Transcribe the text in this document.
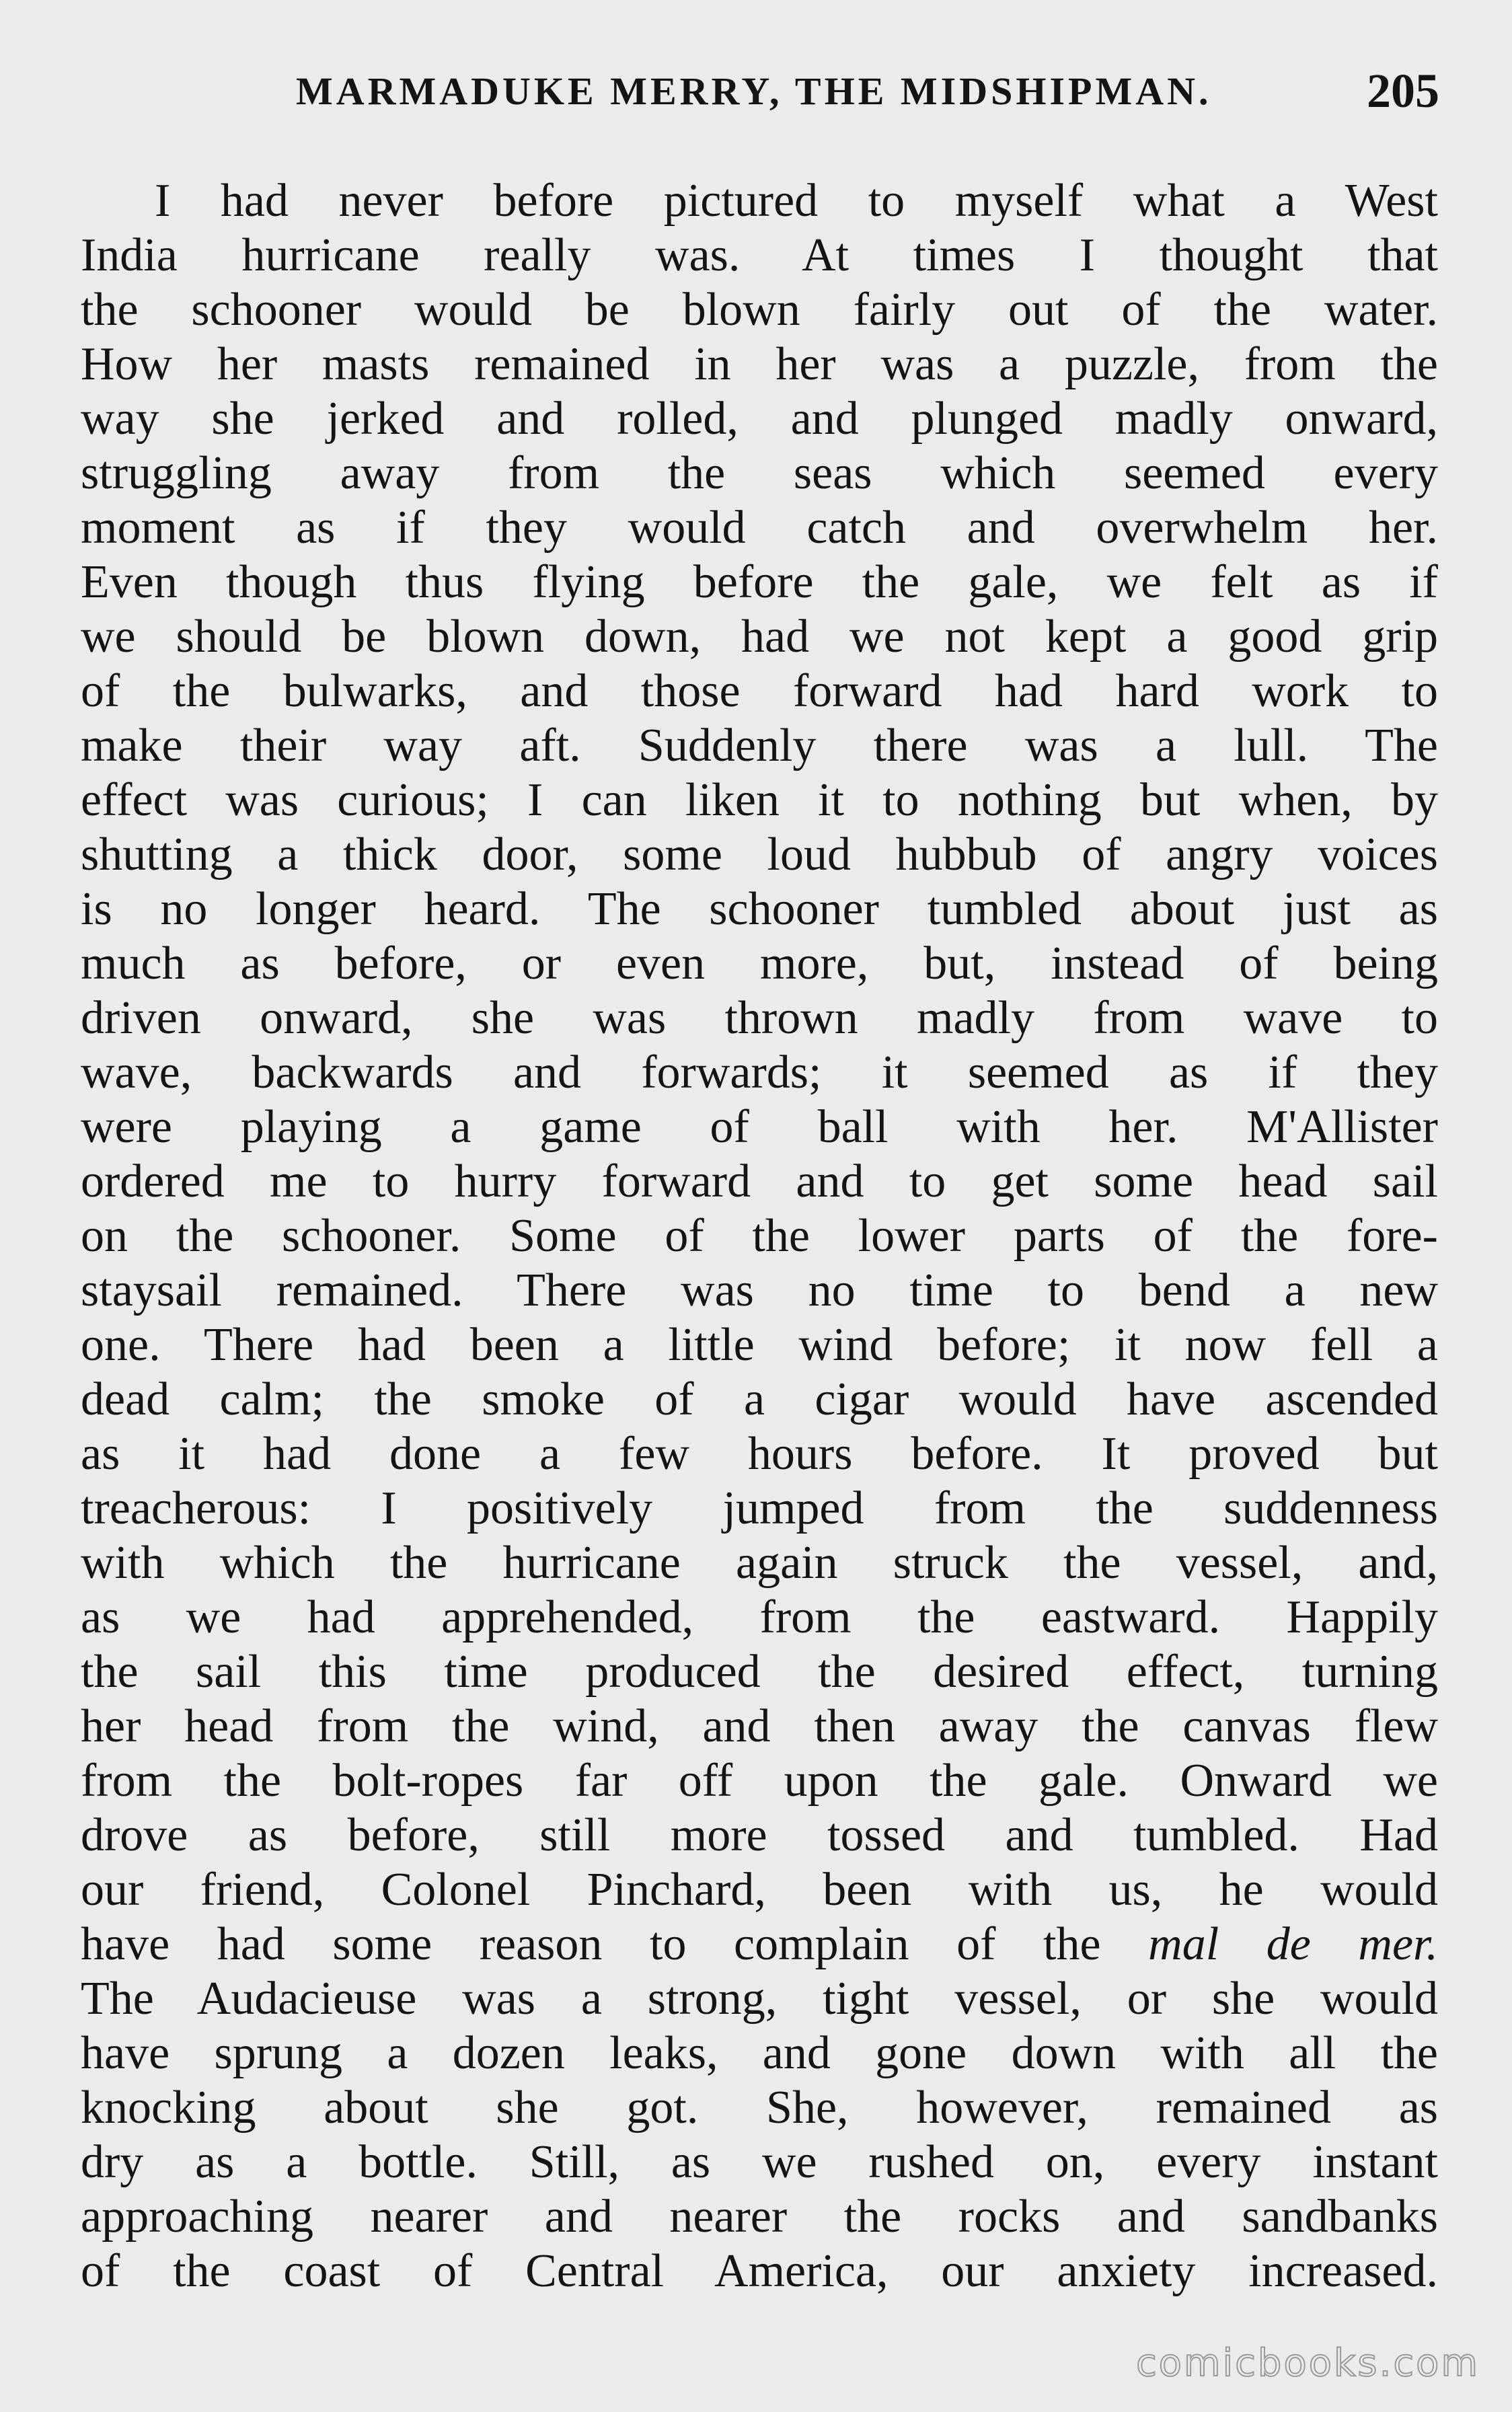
MARMADUKE MERRY, THE MIDSHIPMAN.	205
I had never before pictured to myself what a West
India hurricane really was. At times I thought that
the schooner would be blown fairly out of the water.
How her masts remained in her was a puzzle, from the
way she jerked and rolled, and plunged madly onward,
struggling away from the seas which seemed every
moment as if they would catch and overwhelm her.
Even though thus flying before the gale, we felt as if
we should be blown down, had we not kept a good grip
of the bulwarks, and those forward had hard work to
make their way aft. Suddenly there was a lull. The
effect was curious; I can liken it to nothing but when, by
shutting a thick door, some loud hubbub of angry voices
is no longer heard. The schooner tumbled about just as
much as before, or even more, but, instead of being
driven onward, she was thrown madly from wave to
wave, backwards and forwards; it seemed as if they
were playing a game of ball with her. M'Allister
ordered me to hurry forward and to get some head sail
on the schooner. Some of the lower parts of the fore-
staysail remained. There was no time to bend a new
one. There had been a little wind before; it now fell a
dead calm; the smoke of a cigar would have ascended
as it had done a few hours before. It proved but
treacherous: I positively jumped from the suddenness
with which the hurricane again struck the vessel, and,
as we had apprehended, from the eastward. Happily
the sail this time produced the desired effect, turning
her head from the wind, and then away the canvas flew
from the bolt-ropes far off upon the gale. Onward we
drove as before, still more tossed and tumbled. Had
our friend, Colonel Pinchard, been with us, he would
have had some reason to complain of the mal de mer.
The Audacieuse was a strong, tight vessel, or she would
have sprung a dozen leaks, and gone down with all the
knocking about she got. She, however, remained as
dry as a bottle. Still, as we rushed on, every instant
approaching nearer and nearer the rocks and sandbanks
of the coast of Central America, our anxiety increased.
comicbooks.com
